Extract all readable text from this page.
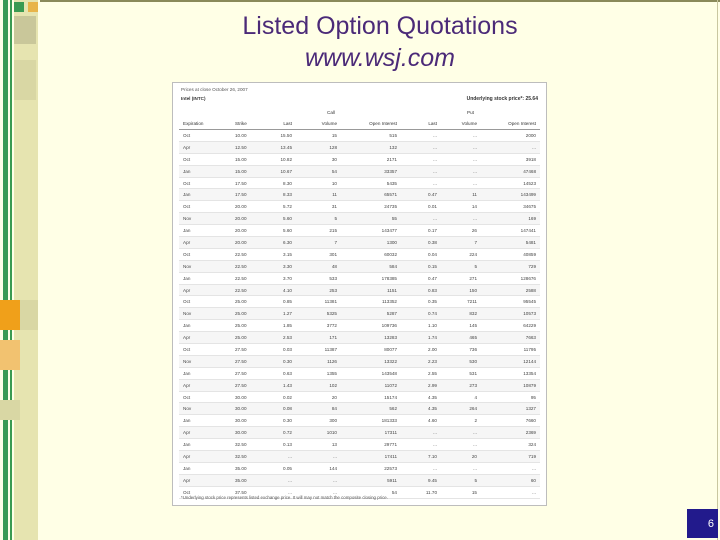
Listed Option Quotations
www.wsj.com
Prices at close October 26, 2007
Intel (INTC)	Underlying stock price*: 25.64
Call	Put
Expiration	Strike	Last	Volume	Open Interest	Last	Volume	Open Interest
Oct	10.00	15.50	15	515	...	...	2000
Apr	12.50	13.45	128	132	...	...	...
Oct	15.00	10.82	30	2171	...	...	3918
Jan	15.00	10.67	54	33357	...	...	47468
Oct	17.50	8.30	10	5435	...	...	14523
Jan	17.50	8.33	11	65571	0.47	11	143499
Oct	20.00	5.72	31	24735	0.01	14	34675
Nov	20.00	5.60	5	55	...	...	169
Jan	20.00	5.60	215	143477	0.17	26	147441
Apr	20.00	6.30	7	1300	0.38	7	5481
Oct	22.50	3.15	301	60032	0.04	224	40859
Nov	22.50	3.30	48	584	0.15	5	729
Jan	22.50	3.70	533	178385	0.47	271	128676
Apr	22.50	4.10	253	1151	0.83	150	2588
Oct	25.00	0.85	11381	113352	0.35	7211	95545
Nov	25.00	1.27	5325	5287	0.74	832	10573
Jan	25.00	1.85	3772	109736	1.10	145	64229
Apr	25.00	2.53	171	13283	1.74	465	7663
Oct	27.50	0.03	11387	80077	2.00	736	11795
Nov	27.50	0.30	1126	13322	2.23	530	12144
Jan	27.50	0.63	1355	143548	2.55	531	13354
Apr	27.50	1.43	102	11072	2.99	273	10879
Oct	30.00	0.02	20	15174	4.35	4	95
Nov	30.00	0.08	84	562	4.35	264	1327
Jan	30.00	0.30	300	181333	4.60	2	7660
Apr	30.00	0.72	1010	17311	...	...	2369
Jan	32.50	0.13	13	29771	...	...	324
Apr	32.50	...	...	17411	7.10	20	719
Jan	35.00	0.05	144	22573	...	...	...
Apr	35.00	...	...	5911	9.45	5	60
Oct	37.50	...	...	54	11.70	15	...
*Underlying stock price represents listed exchange price. It will may not match the composite closing price.
6
